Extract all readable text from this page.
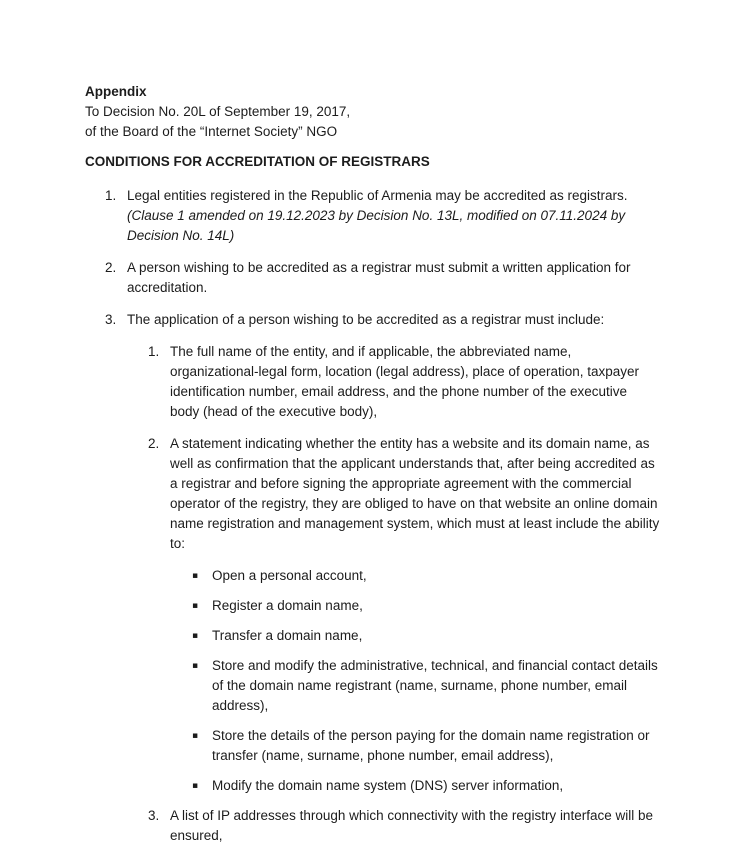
Appendix

To Decision No. 20L of September 19, 2017,

of the Board of the “Internet Society” NGO

CONDITIONS FOR ACCREDITATION OF REGISTRARS

1. Legal entities registered in the Republic of Armenia may be accredited as registrars. (Clause 1 amended on 19.12.2023 by Decision No. 13L, modified on 07.11.2024 by Decision No. 14L)
2. A person wishing to be accredited as a registrar must submit a written application for accreditation.
3. The application of a person wishing to be accredited as a registrar must include:
1. The full name of the entity, and if applicable, the abbreviated name, organizational-legal form, location (legal address), place of operation, taxpayer identification number, email address, and the phone number of the executive body (head of the executive body),
2. A statement indicating whether the entity has a website and its domain name, as well as confirmation that the applicant understands that, after being accredited as a registrar and before signing the appropriate agreement with the commercial operator of the registry, they are obliged to have on that website an online domain name registration and management system, which must at least include the ability to:
▪	Open a personal account,
▪	Register a domain name,
▪	Transfer a domain name,
▪	Store and modify the administrative, technical, and financial contact details of the domain name registrant (name, surname, phone number, email address),
▪	Store the details of the person paying for the domain name registration or transfer (name, surname, phone number, email address),
▪	Modify the domain name system (DNS) server information,
3. A list of IP addresses through which connectivity with the registry interface will be ensured,
